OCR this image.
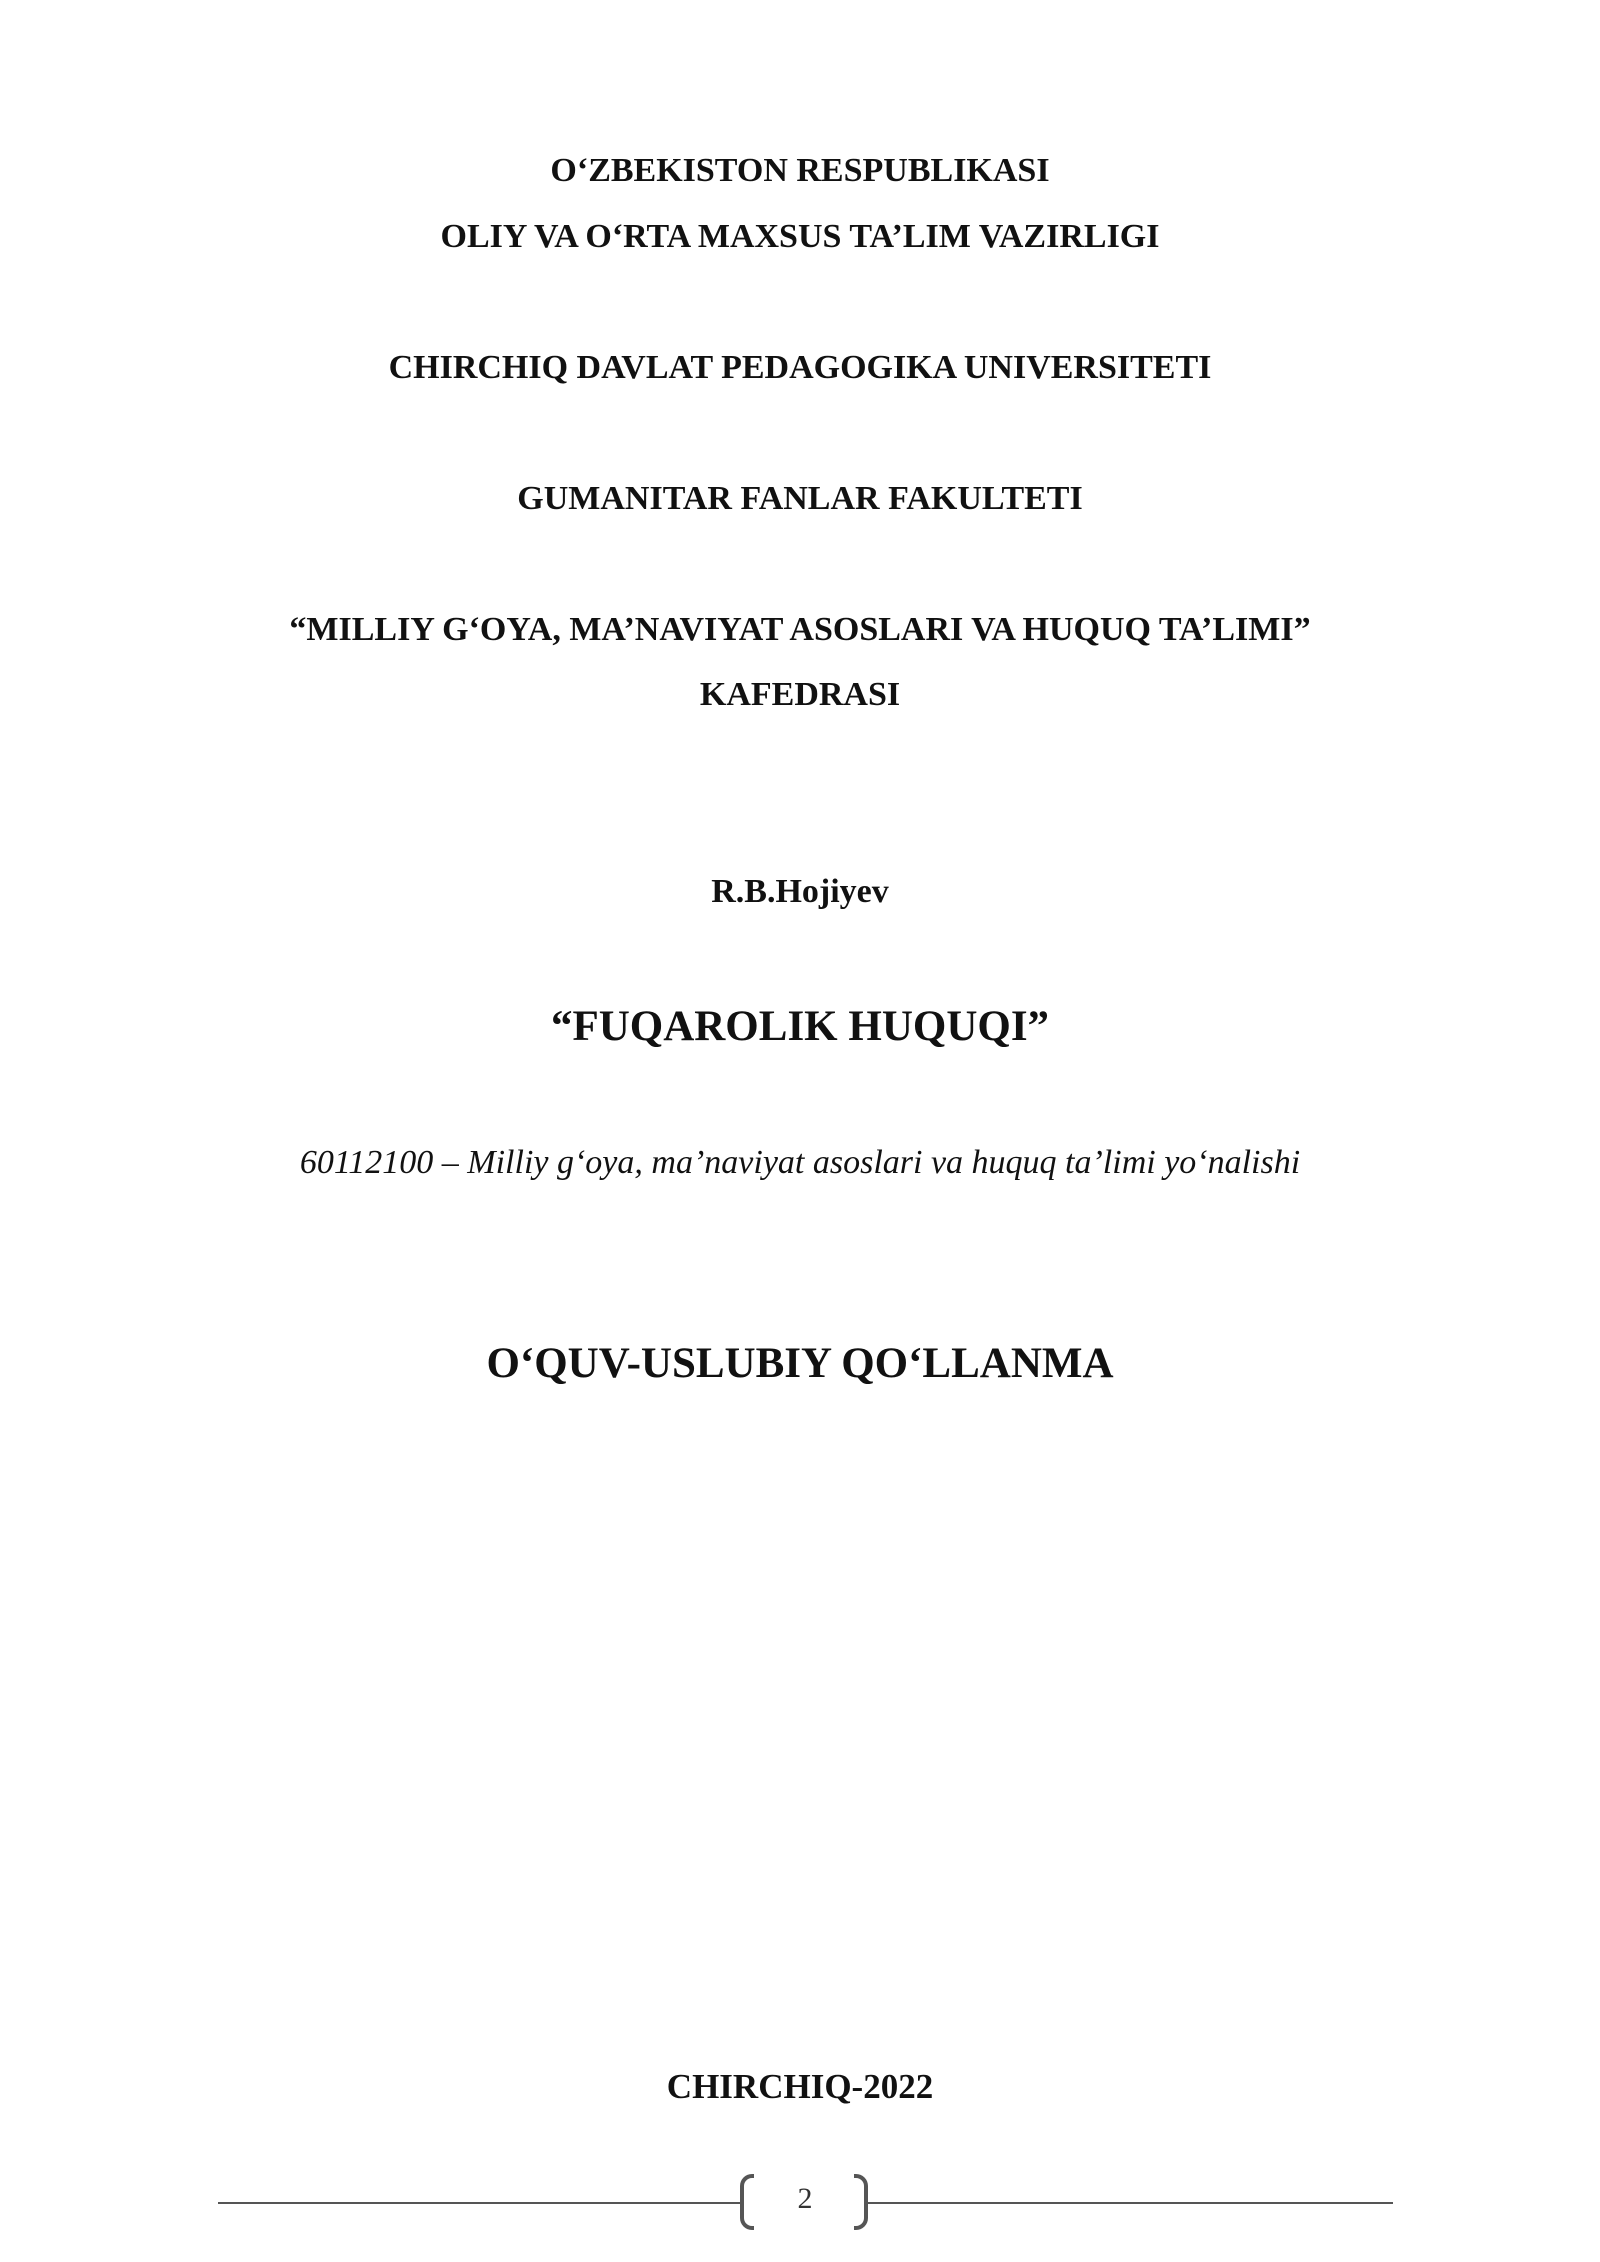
O‘ZBEKISTON RESPUBLIKASI
OLIY VA O‘RTA MAXSUS TA’LIM VAZIRLIGI
CHIRCHIQ DAVLAT PEDAGOGIKA UNIVERSITETI
GUMANITAR FANLAR FAKULTETI
“MILLIY G‘OYA, MA’NAVIYAT ASOSLARI VA HUQUQ TA’LIMI”
KAFEDRASI
R.B.Hojiyev
“FUQAROLIK HUQUQI”
60112100 – Milliy g‘oya, ma’naviyat asoslari va huquq ta’limi yo‘nalishi
O‘QUV-USLUBIY QO‘LLANMA
CHIRCHIQ-2022
2
